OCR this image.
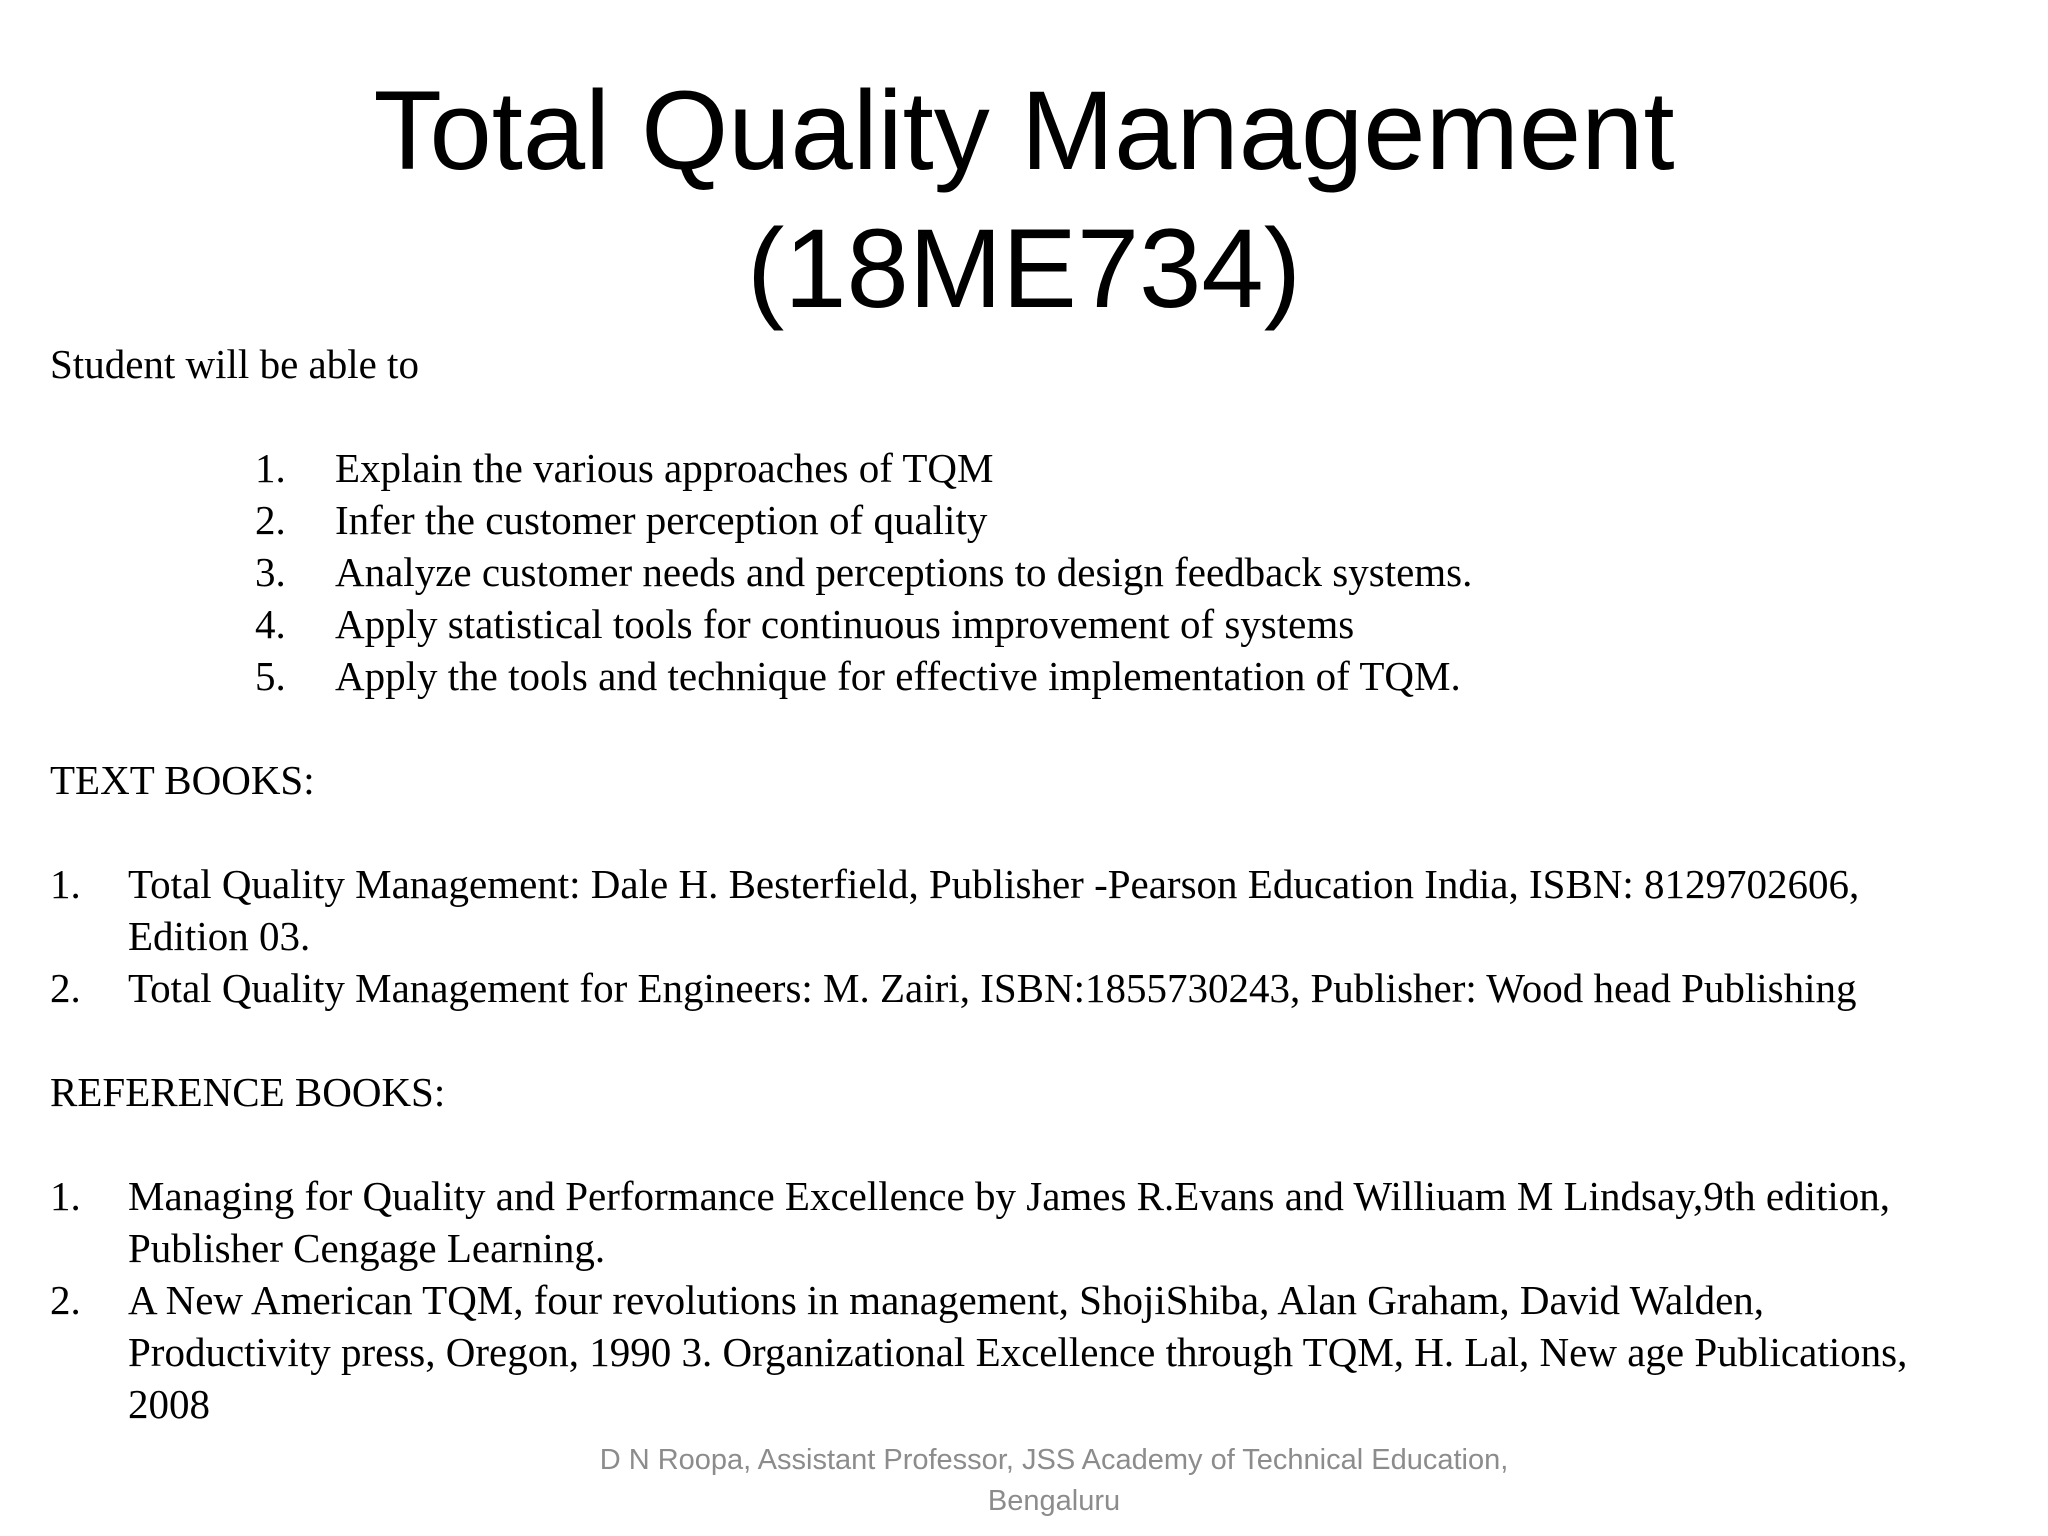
Total Quality Management
(18ME734)
Student will be able to
1. Explain the various approaches of TQM
2. Infer the customer perception of quality
3. Analyze customer needs and perceptions to design feedback systems.
4. Apply statistical tools for continuous improvement of systems
5. Apply the tools and technique for effective implementation of TQM.
TEXT BOOKS:
1. Total Quality Management: Dale H. Besterfield, Publisher -Pearson Education India, ISBN: 8129702606,
Edition 03.
2. Total Quality Management for Engineers: M. Zairi, ISBN:1855730243, Publisher: Wood head Publishing
REFERENCE BOOKS:
1. Managing for Quality and Performance Excellence by James R.Evans and Williuam M Lindsay,9th edition,
Publisher Cengage Learning.
2. A New American TQM, four revolutions in management, ShojiShiba, Alan Graham, David Walden,
Productivity press, Oregon, 1990 3. Organizational Excellence through TQM, H. Lal, New age Publications,
2008
D N Roopa, Assistant Professor, JSS Academy of Technical Education,
Bengaluru
